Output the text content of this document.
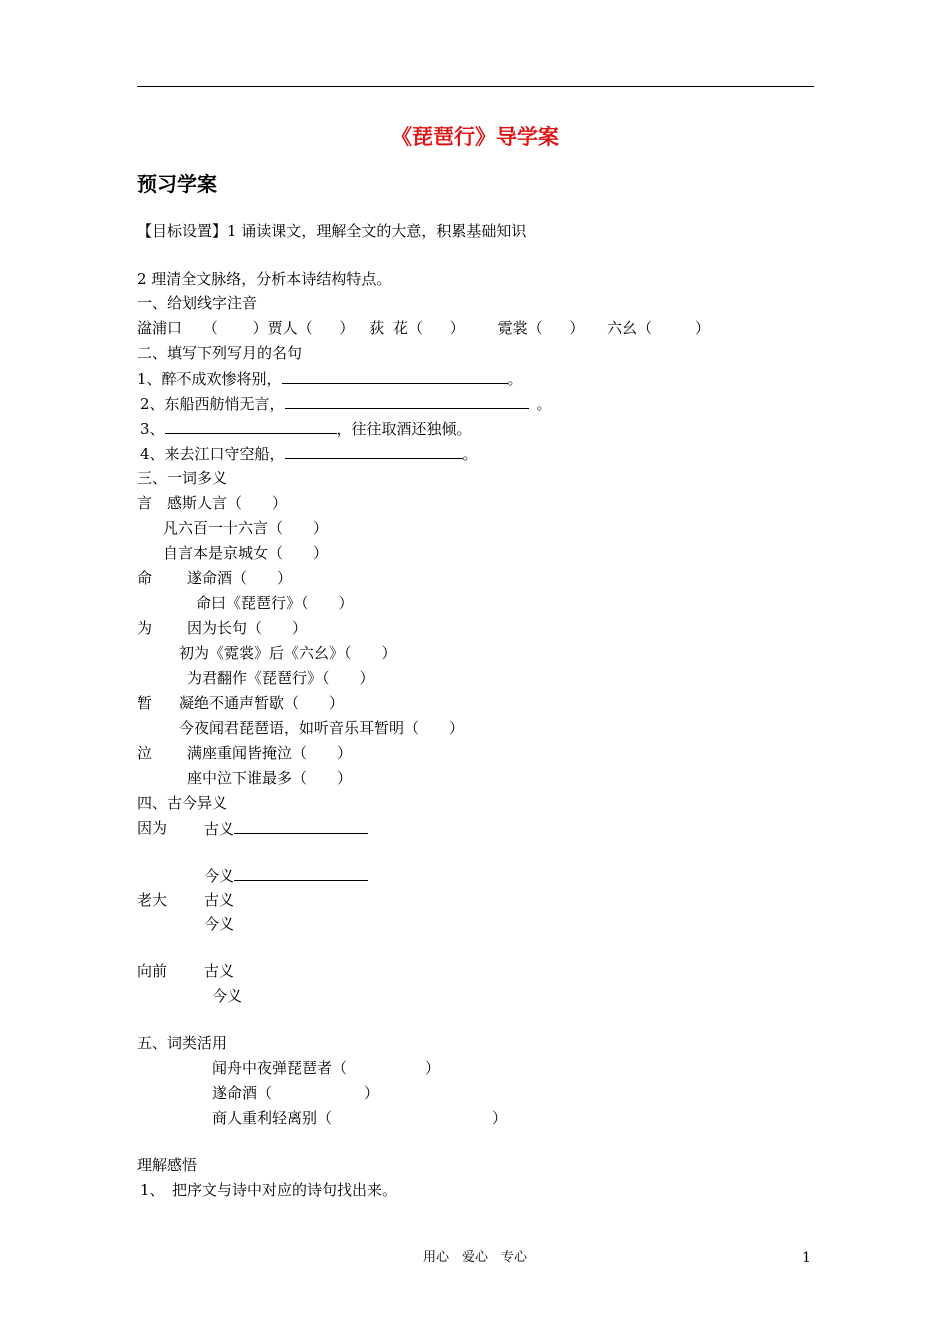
《琵琶行》导学案
预习学案
【目标设置】1 诵读课文，理解全文的大意，积累基础知识
2 理清全文脉络，分析本诗结构特点。
一、给划线字注音
湓浦口 （ ）贾人（ ） 荻 花（ ） 霓裳（ ） 六幺（	）
二、填写下列写月的名句
1、醉不成欢惨将别，	。
2、东船西舫悄无言，	。
3、	，往往取酒还独倾。
4、来去江口守空船，	。
三、一词多义
言　感斯人言（　　）
凡六百一十六言（　　）
自言本是京城女（　　）
命 遂命酒（　　）
命曰《琵琶行》（　　）
为 因为长句（　　）
初为《霓裳》后《六幺》（　　）
为君翻作《琵琶行》（　　）
暂 凝绝不通声暂歇（　　）
今夜闻君琵琶语，如听音乐耳暂明（　　）
泣 满座重闻皆掩泣（　　）
座中泣下谁最多（　　）
四、古今异义
因为 古义
今义
老大 古义
今义
向前 古义
今义
五、词类活用
闻舟中夜弹琵琶者（	）
遂命酒（	）
商人重利轻离别（	）
理解感悟
1、　把序文与诗中对应的诗句找出来。
用心　爱心　专心	1
